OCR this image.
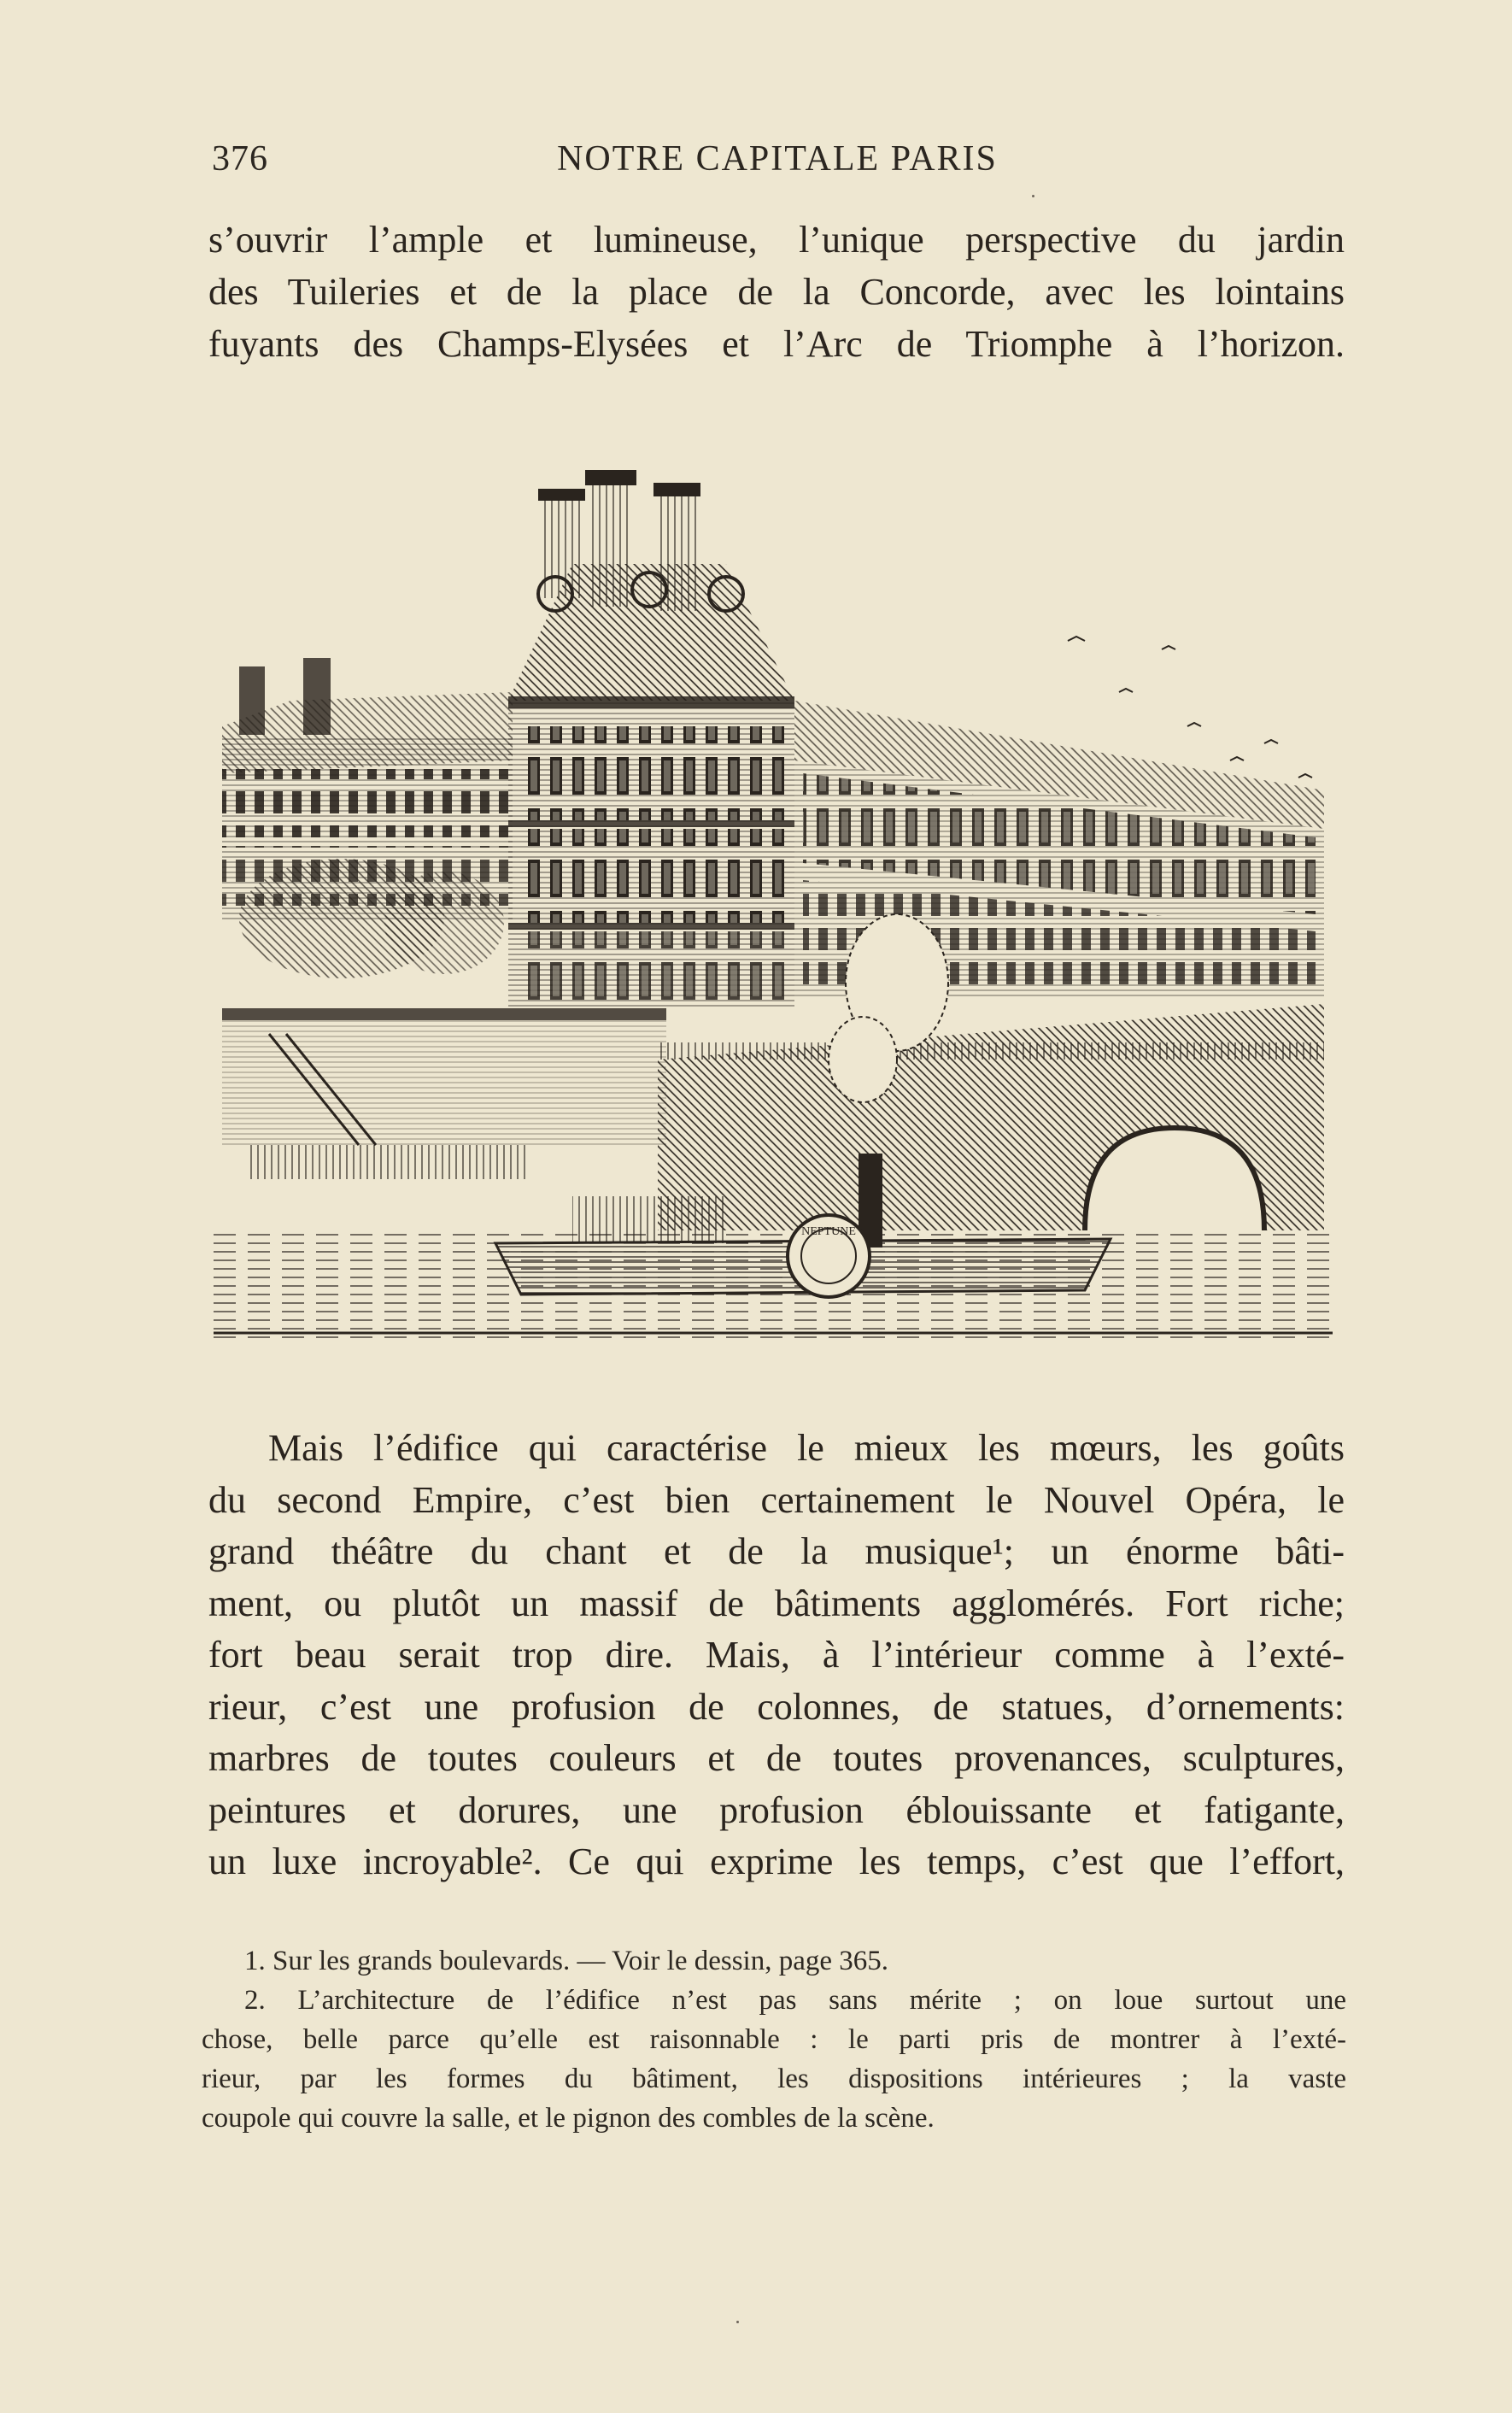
376	NOTRE CAPITALE PARIS
s’ouvrir l’ample et lumineuse, l’unique perspective du jardin
des Tuileries et de la place de la Concorde, avec les lointains
fuyants des Champs-Elysées et l’Arc de Triomphe à l’horizon.
NEPTUNE
Mais l’édifice qui caractérise le mieux les mœurs, les goûts
du second Empire, c’est bien certainement le Nouvel Opéra, le
grand théâtre du chant et de la musique¹; un énorme bâti-
ment, ou plutôt un massif de bâtiments agglomérés. Fort riche;
fort beau serait trop dire. Mais, à l’intérieur comme à l’exté-
rieur, c’est une profusion de colonnes, de statues, d’ornements:
marbres de toutes couleurs et de toutes provenances, sculptures,
peintures et dorures, une profusion éblouissante et fatigante,
un luxe incroyable². Ce qui exprime les temps, c’est que l’effort,
1. Sur les grands boulevards. — Voir le dessin, page 365.
2. L’architecture de l’édifice n’est pas sans mérite ; on loue surtout une
chose, belle parce qu’elle est raisonnable : le parti pris de montrer à l’exté-
rieur, par les formes du bâtiment, les dispositions intérieures ; la vaste
coupole qui couvre la salle, et le pignon des combles de la scène.
